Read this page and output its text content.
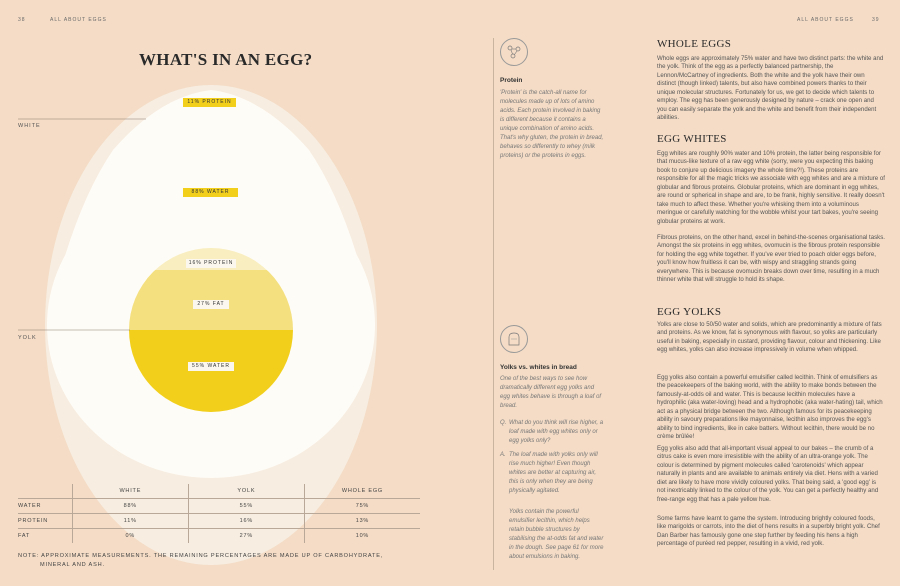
38	ALL ABOUT EGGS
WHAT'S IN AN EGG?
WHITE
YOLK
11% PROTEIN
88% WATER
16% PROTEIN
27% FAT
55% WATER
	WHITE	YOLK	WHOLE EGG
WATER	88%	55%	75%
PROTEIN	11%	16%	13%
FAT	0%	27%	10%
NOTE: APPROXIMATE MEASUREMENTS. THE REMAINING PERCENTAGES ARE MADE UP OF CARBOHYDRATE,
MINERAL AND ASH.
Protein
'Protein' is the catch-all name for molecules made up of lots of amino acids. Each protein involved in baking is different because it contains a unique combination of amino acids. That's why gluten, the protein in bread, behaves so differently to whey (milk proteins) or the proteins in eggs.
Yolks vs. whites in bread
One of the best ways to see how dramatically different egg yolks and egg whites behave is through a loaf of bread.
Q. What do you think will rise higher, a loaf made with egg whites only or egg yolks only?
A. The loaf made with yolks only will rise much higher! Even though whites are better at capturing air, this is only when they are being physically agitated.
Yolks contain the powerful emulsifier lecithin, which helps retain bubble structures by stabilising the at-odds fat and water in the dough. See page 61 for more about emulsions in baking.
ALL ABOUT EGGS	39
WHOLE EGGS
Whole eggs are approximately 75% water and have two distinct parts: the white and the yolk. Think of the egg as a perfectly balanced partnership, the Lennon/McCartney of ingredients. Both the white and the yolk have their own distinct (though linked) talents, but also have combined powers thanks to their unique molecular structures. Fortunately for us, we get to decide which talents to employ. The egg has been generously designed by nature – crack one open and you can easily separate the yolk and the white and benefit from their independent abilities.
EGG WHITES
Egg whites are roughly 90% water and 10% protein, the latter being responsible for that mucus-like texture of a raw egg white (sorry, were you expecting this baking book to conjure up delicious imagery the whole time?!). These proteins are responsible for all the magic tricks we associate with egg whites and are a mixture of globular and fibrous proteins. Globular proteins, which are dominant in egg whites, are round or spherical in shape and are, to be frank, highly sensitive. It really doesn't take much to affect these. Whether you're whisking them into a voluminous meringue or carefully watching for the wobble whilst your tart bakes, you're seeing globular proteins at work.
Fibrous proteins, on the other hand, excel in behind-the-scenes organisational tasks. Amongst the six proteins in egg whites, ovomucin is the fibrous protein responsible for holding the egg white together. If you've ever tried to poach older eggs before, you'll know how fruitless it can be, with wispy and straggling strands going everywhere. This is because ovomucin breaks down over time, resulting in a much thinner white that will struggle to hold its shape.
EGG YOLKS
Yolks are close to 50/50 water and solids, which are predominantly a mixture of fats and proteins. As we know, fat is synonymous with flavour, so yolks are particularly useful in baking, especially in custard, providing flavour, colour and thickening. Like egg whites, yolks can also increase impressively in volume when whipped.
Egg yolks also contain a powerful emulsifier called lecithin. Think of emulsifiers as the peacekeepers of the baking world, with the ability to make bonds between the famously-at-odds oil and water. This is because lecithin molecules have a hydrophilic (aka water-loving) head and a hydrophobic (aka water-hating) tail, which act as a physical bridge between the two. Although famous for its peacekeeping ability in savoury preparations like mayonnaise, lecithin also improves the egg's ability to bind ingredients, like in cake batters. Without lecithin, there would be no crème brûlée!
Egg yolks also add that all-important visual appeal to our bakes – the crumb of a citrus cake is even more irresistible with the ability of an ultra-orange yolk. The colour is determined by pigment molecules called 'carotenoids' which appear naturally in plants and are available to animals entirely via diet. Hens with a varied diet are likely to have more vividly coloured yolks. That being said, a 'good egg' is not inextricably linked to the colour of the yolk. You can get a perfectly healthy and free-range egg that has a pale yellow hue.
Some farms have learnt to game the system. Introducing brightly coloured foods, like marigolds or carrots, into the diet of hens results in a superbly bright yolk. Chef Dan Barber has famously gone one step further by feeding his hens a high percentage of puréed red pepper, resulting in a vivid, red yolk.
